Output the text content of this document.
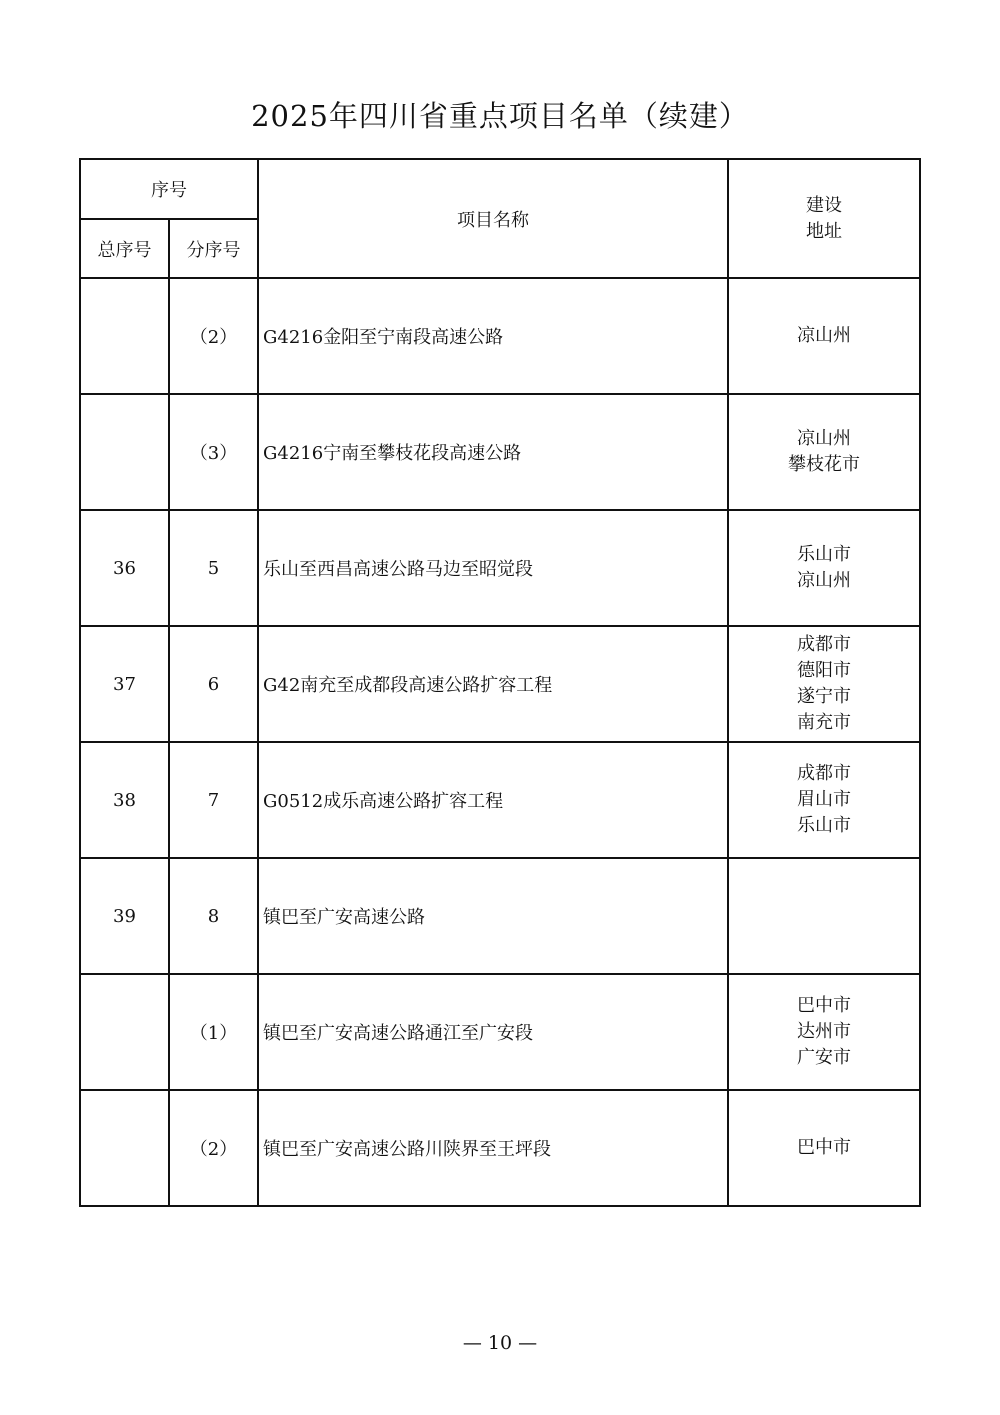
2025年四川省重点项目名单（续建）
序号		项目名称	建设
地址

总序号	分序号		
	（2）	G4216金阳至宁南段高速公路	凉山州

	（3）	G4216宁南至攀枝花段高速公路	凉山州
攀枝花市

36	5	乐山至西昌高速公路马边至昭觉段	乐山市
凉山州

37	6	G42南充至成都段高速公路扩容工程	成都市
德阳市
遂宁市
南充市

38	7	G0512成乐高速公路扩容工程	成都市
眉山市
乐山市

39	8	镇巴至广安高速公路	
	（1）	镇巴至广安高速公路通江至广安段	巴中市
达州市
广安市

	（2）	镇巴至广安高速公路川陕界至王坪段	巴中市
— 10 —
